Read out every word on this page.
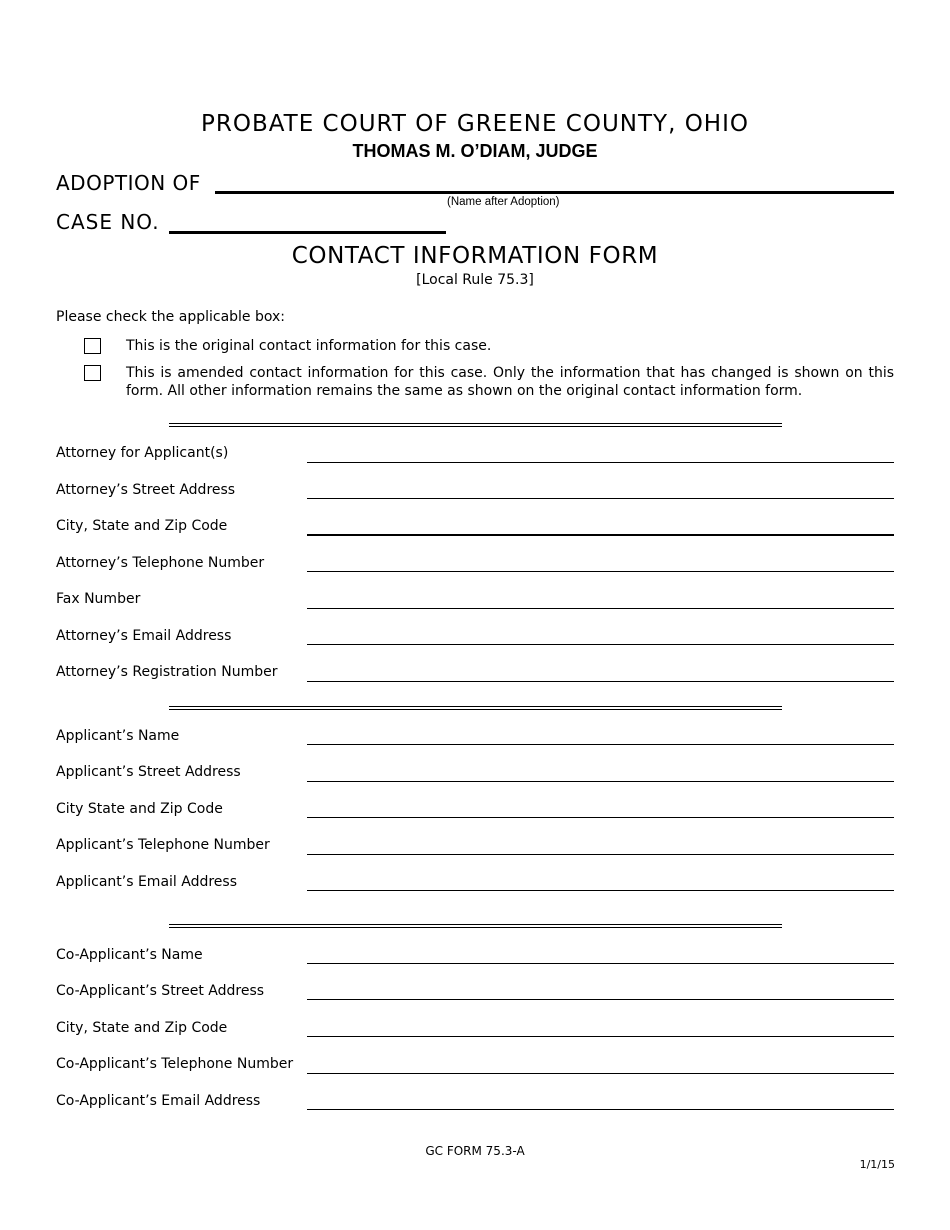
PROBATE COURT OF GREENE COUNTY, OHIO
THOMAS M. O’DIAM, JUDGE
ADOPTION OF
(Name after Adoption)
CASE NO.
CONTACT INFORMATION FORM
[Local Rule 75.3]
Please check the applicable box:
This is the original contact information for this case.
This is amended contact information for this case. Only the information that has changed is shown on this form. All other information remains the same as shown on the original contact information form.
Attorney for Applicant(s)
Attorney’s Street Address
City, State and Zip Code
Attorney’s Telephone Number
Fax Number
Attorney’s Email Address
Attorney’s Registration Number
Applicant’s Name
Applicant’s Street Address
City State and Zip Code
Applicant’s Telephone Number
Applicant’s Email Address
Co-Applicant’s Name
Co-Applicant’s Street Address
City, State and Zip Code
Co-Applicant’s Telephone Number
Co-Applicant’s Email Address
GC FORM 75.3-A
1/1/15
